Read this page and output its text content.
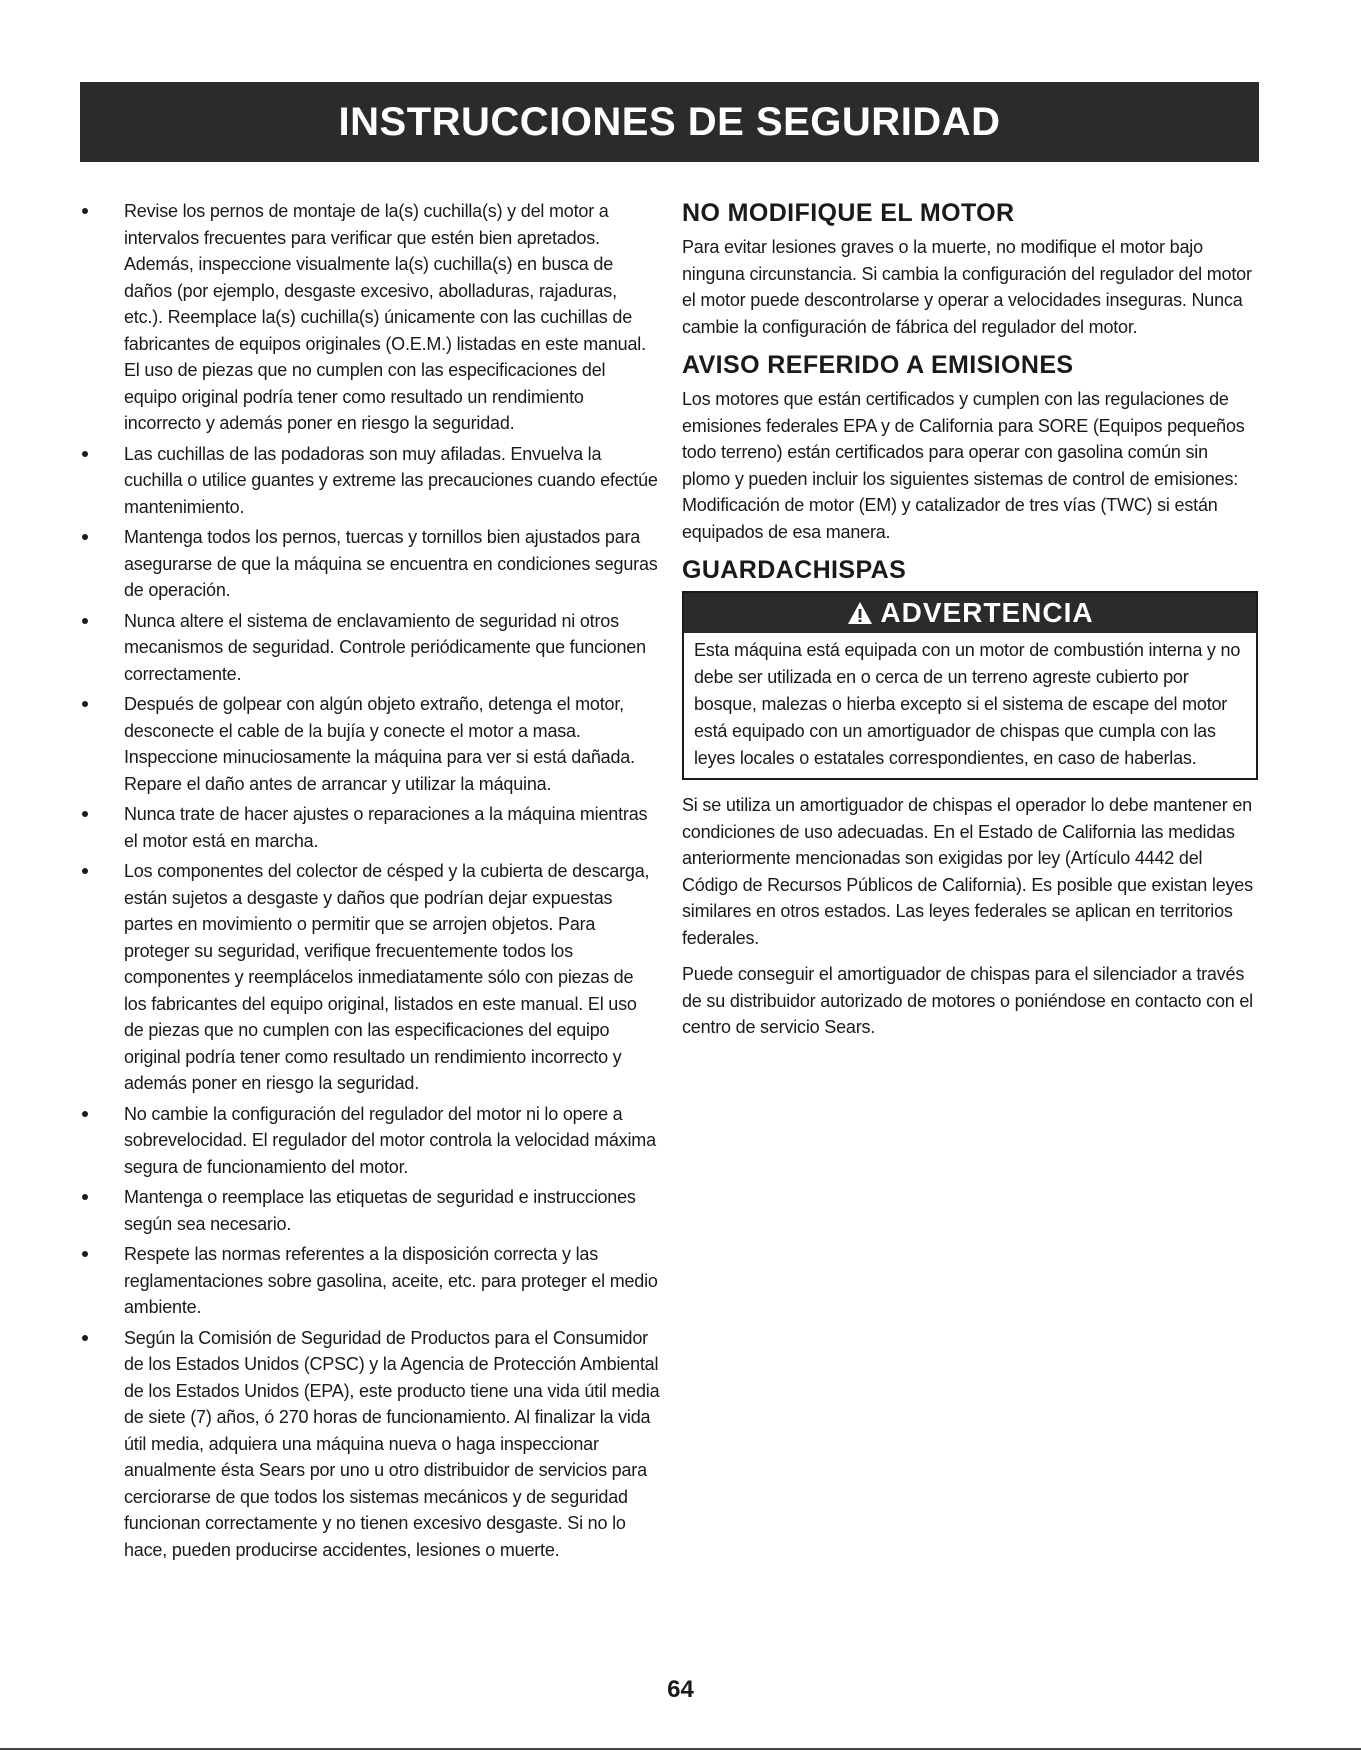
INSTRUCCIONES DE SEGURIDAD
Revise los pernos de montaje de la(s) cuchilla(s) y del motor a intervalos frecuentes para verificar que estén bien apretados. Además, inspeccione visualmente la(s) cuchilla(s) en busca de daños (por ejemplo, desgaste excesivo, abolladuras, rajaduras, etc.). Reemplace la(s) cuchilla(s) únicamente con las cuchillas de fabricantes de equipos originales (O.E.M.) listadas en este manual. El uso de piezas que no cumplen con las especificaciones del equipo original podría tener como resultado un rendimiento incorrecto y además poner en riesgo la seguridad.
Las cuchillas de las podadoras son muy afiladas. Envuelva la cuchilla o utilice guantes y extreme las precauciones cuando efectúe mantenimiento.
Mantenga todos los pernos, tuercas y tornillos bien ajustados para asegurarse de que la máquina se encuentra en condiciones seguras de operación.
Nunca altere el sistema de enclavamiento de seguridad ni otros mecanismos de seguridad. Controle periódicamente que funcionen correctamente.
Después de golpear con algún objeto extraño, detenga el motor, desconecte el cable de la bujía y conecte el motor a masa. Inspeccione minuciosamente la máquina para ver si está dañada. Repare el daño antes de arrancar y utilizar la máquina.
Nunca trate de hacer ajustes o reparaciones a la máquina mientras el motor está en marcha.
Los componentes del colector de césped y la cubierta de descarga, están sujetos a desgaste y daños que podrían dejar expuestas partes en movimiento o permitir que se arrojen objetos. Para proteger su seguridad, verifique frecuentemente todos los componentes y reemplácelos inmediatamente sólo con piezas de los fabricantes del equipo original, listados en este manual. El uso de piezas que no cumplen con las especificaciones del equipo original podría tener como resultado un rendimiento incorrecto y además poner en riesgo la seguridad.
No cambie la configuración del regulador del motor ni lo opere a sobrevelocidad. El regulador del motor controla la velocidad máxima segura de funcionamiento del motor.
Mantenga o reemplace las etiquetas de seguridad e instrucciones según sea necesario.
Respete las normas referentes a la disposición correcta y las reglamentaciones sobre gasolina, aceite, etc. para proteger el medio ambiente.
Según la Comisión de Seguridad de Productos para el Consumidor de los Estados Unidos (CPSC) y la Agencia de Protección Ambiental de los Estados Unidos (EPA), este producto tiene una vida útil media de siete (7) años, ó 270 horas de funcionamiento. Al finalizar la vida útil media, adquiera una máquina nueva o haga inspeccionar anualmente ésta Sears por uno u otro distribuidor de servicios para cerciorarse de que todos los sistemas mecánicos y de seguridad funcionan correctamente y no tienen excesivo desgaste. Si no lo hace, pueden producirse accidentes, lesiones o muerte.
NO MODIFIQUE EL MOTOR

Para evitar lesiones graves o la muerte, no modifique el motor bajo ninguna circunstancia. Si cambia la configuración del regulador del motor el motor puede descontrolarse y operar a velocidades inseguras. Nunca cambie la configuración de fábrica del regulador del motor.

AVISO REFERIDO A EMISIONES

Los motores que están certificados y cumplen con las regulaciones de emisiones federales EPA y de California para SORE (Equipos pequeños todo terreno) están certificados para operar con gasolina común sin plomo y pueden incluir los siguientes sistemas de control de emisiones: Modificación de motor (EM) y catalizador de tres vías (TWC) si están equipados de esa manera.

GUARDACHISPAS
ADVERTENCIA
Esta máquina está equipada con un motor de combustión interna y no debe ser utilizada en o cerca de un terreno agreste cubierto por bosque, malezas o hierba excepto si el sistema de escape del motor está equipado con un amortiguador de chispas que cumpla con las leyes locales o estatales correspondientes, en caso de haberlas.

Si se utiliza un amortiguador de chispas el operador lo debe mantener en condiciones de uso adecuadas. En el Estado de California las medidas anteriormente mencionadas son exigidas por ley (Artículo 4442 del Código de Recursos Públicos de California). Es posible que existan leyes similares en otros estados. Las leyes federales se aplican en territorios federales.

Puede conseguir el amortiguador de chispas para el silenciador a través de su distribuidor autorizado de motores o poniéndose en contacto con el centro de servicio Sears.

64
